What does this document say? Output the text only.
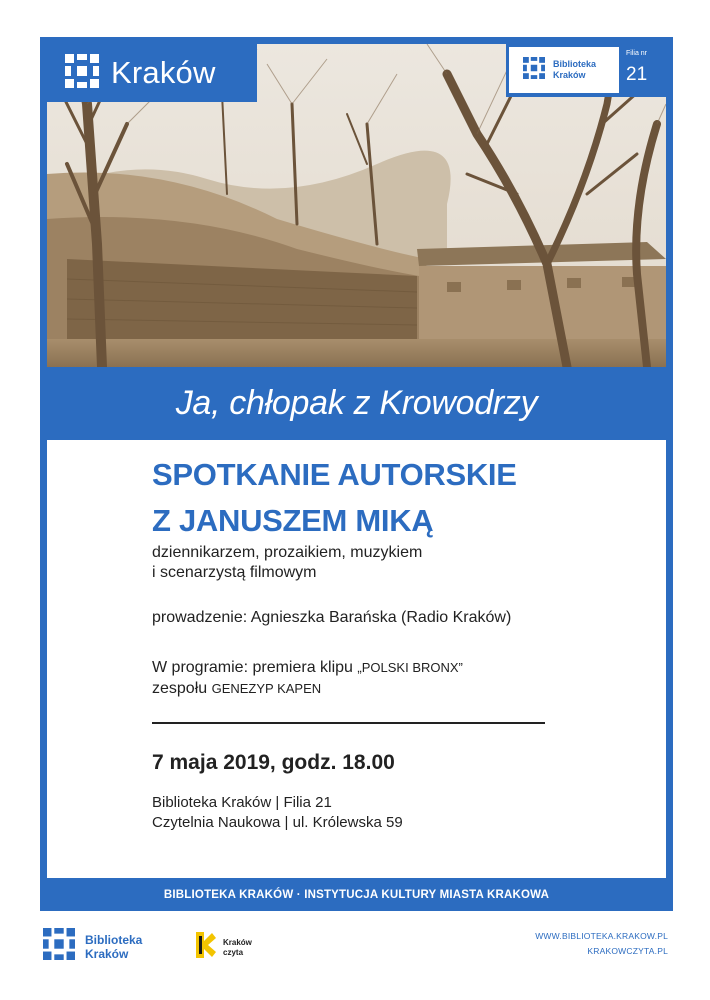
Kraków	Biblioteka
Kraków
Filia nr
21
Ja, chłopak z Krowodrzy
SPOTKANIE AUTORSKIE
Z JANUSZEM MIKĄ
dziennikarzem, prozaikiem, muzykiem
i scenarzystą filmowym
prowadzenie: Agnieszka Barańska (Radio Kraków)
W programie: premiera klipu „POLSKI BRONX”
zespołu GENEZYP KAPEN
7 maja 2019, godz. 18.00
Biblioteka Kraków | Filia 21
Czytelnia Naukowa | ul. Królewska 59
BIBLIOTEKA KRAKÓW · INSTYTUCJA KULTURY MIASTA KRAKOWA
Biblioteka
Kraków
Kraków
czyta
WWW.BIBLIOTEKA.KRAKOW.PL
KRAKOWCZYTA.PL
